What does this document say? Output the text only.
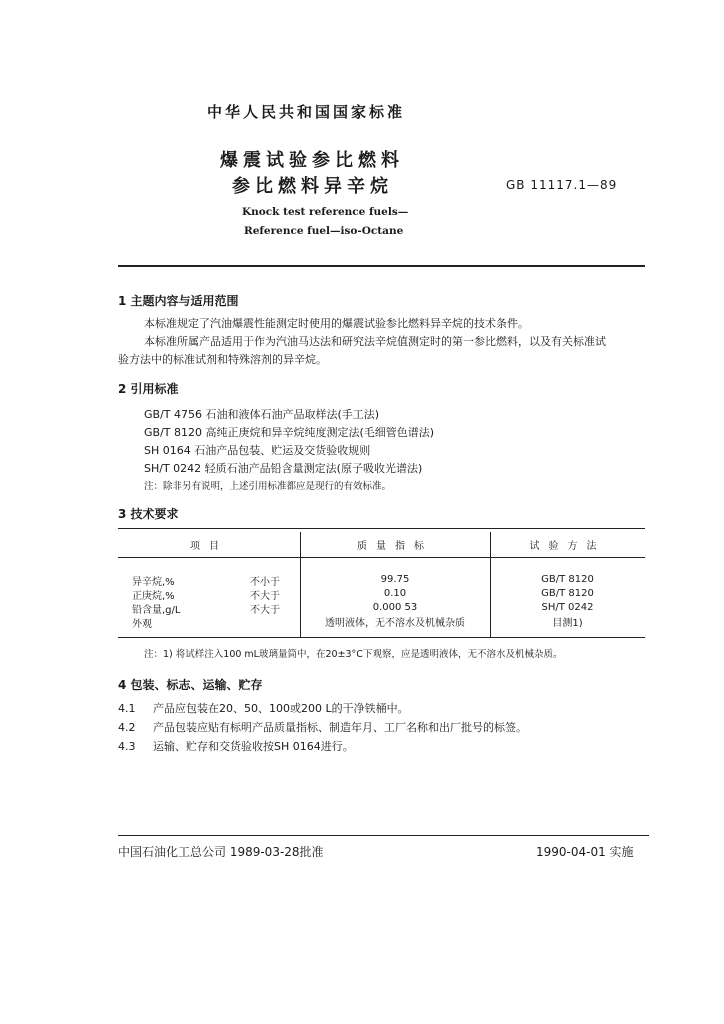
中华人民共和国国家标准
爆震试验参比燃料
参比燃料异辛烷	GB 11117.1—89
Knock test reference fuels—
Reference fuel—iso-Octane
1 主题内容与适用范围
本标准规定了汽油爆震性能测定时使用的爆震试验参比燃料异辛烷的技术条件。
本标准所属产品适用于作为汽油马达法和研究法辛烷值测定时的第一参比燃料，以及有关标准试
验方法中的标准试剂和特殊溶剂的异辛烷。
2 引用标准
GB/T 4756 石油和液体石油产品取样法(手工法)
GB/T 8120 高纯正庚烷和异辛烷纯度测定法(毛细管色谱法)
SH 0164 石油产品包装、贮运及交货验收规则
SH/T 0242 轻质石油产品铅含量测定法(原子吸收光谱法)
注：除非另有说明，上述引用标准都应是现行的有效标准。
3 技术要求
项目	质量指标	试验方法

异辛烷,% 不小于	99.75	GB/T 8120

正庚烷,% 不大于	0.10	GB/T 8120

铅含量,g/L 不大于	0.000 53	SH/T 0242

外观	透明液体，无不溶水及机械杂质	目测1)
注：1) 将试样注入100 mL玻璃量筒中，在20±3°C下观察，应是透明液体，无不溶水及机械杂质。
4 包装、标志、运输、贮存
4.1 产品应包装在20、50、100或200 L的干净铁桶中。
4.2 产品包装应贴有标明产品质量指标、制造年月、工厂名称和出厂批号的标签。
4.3 运输、贮存和交货验收按SH 0164进行。
中国石油化工总公司 1989-03-28批准	1990-04-01 实施
